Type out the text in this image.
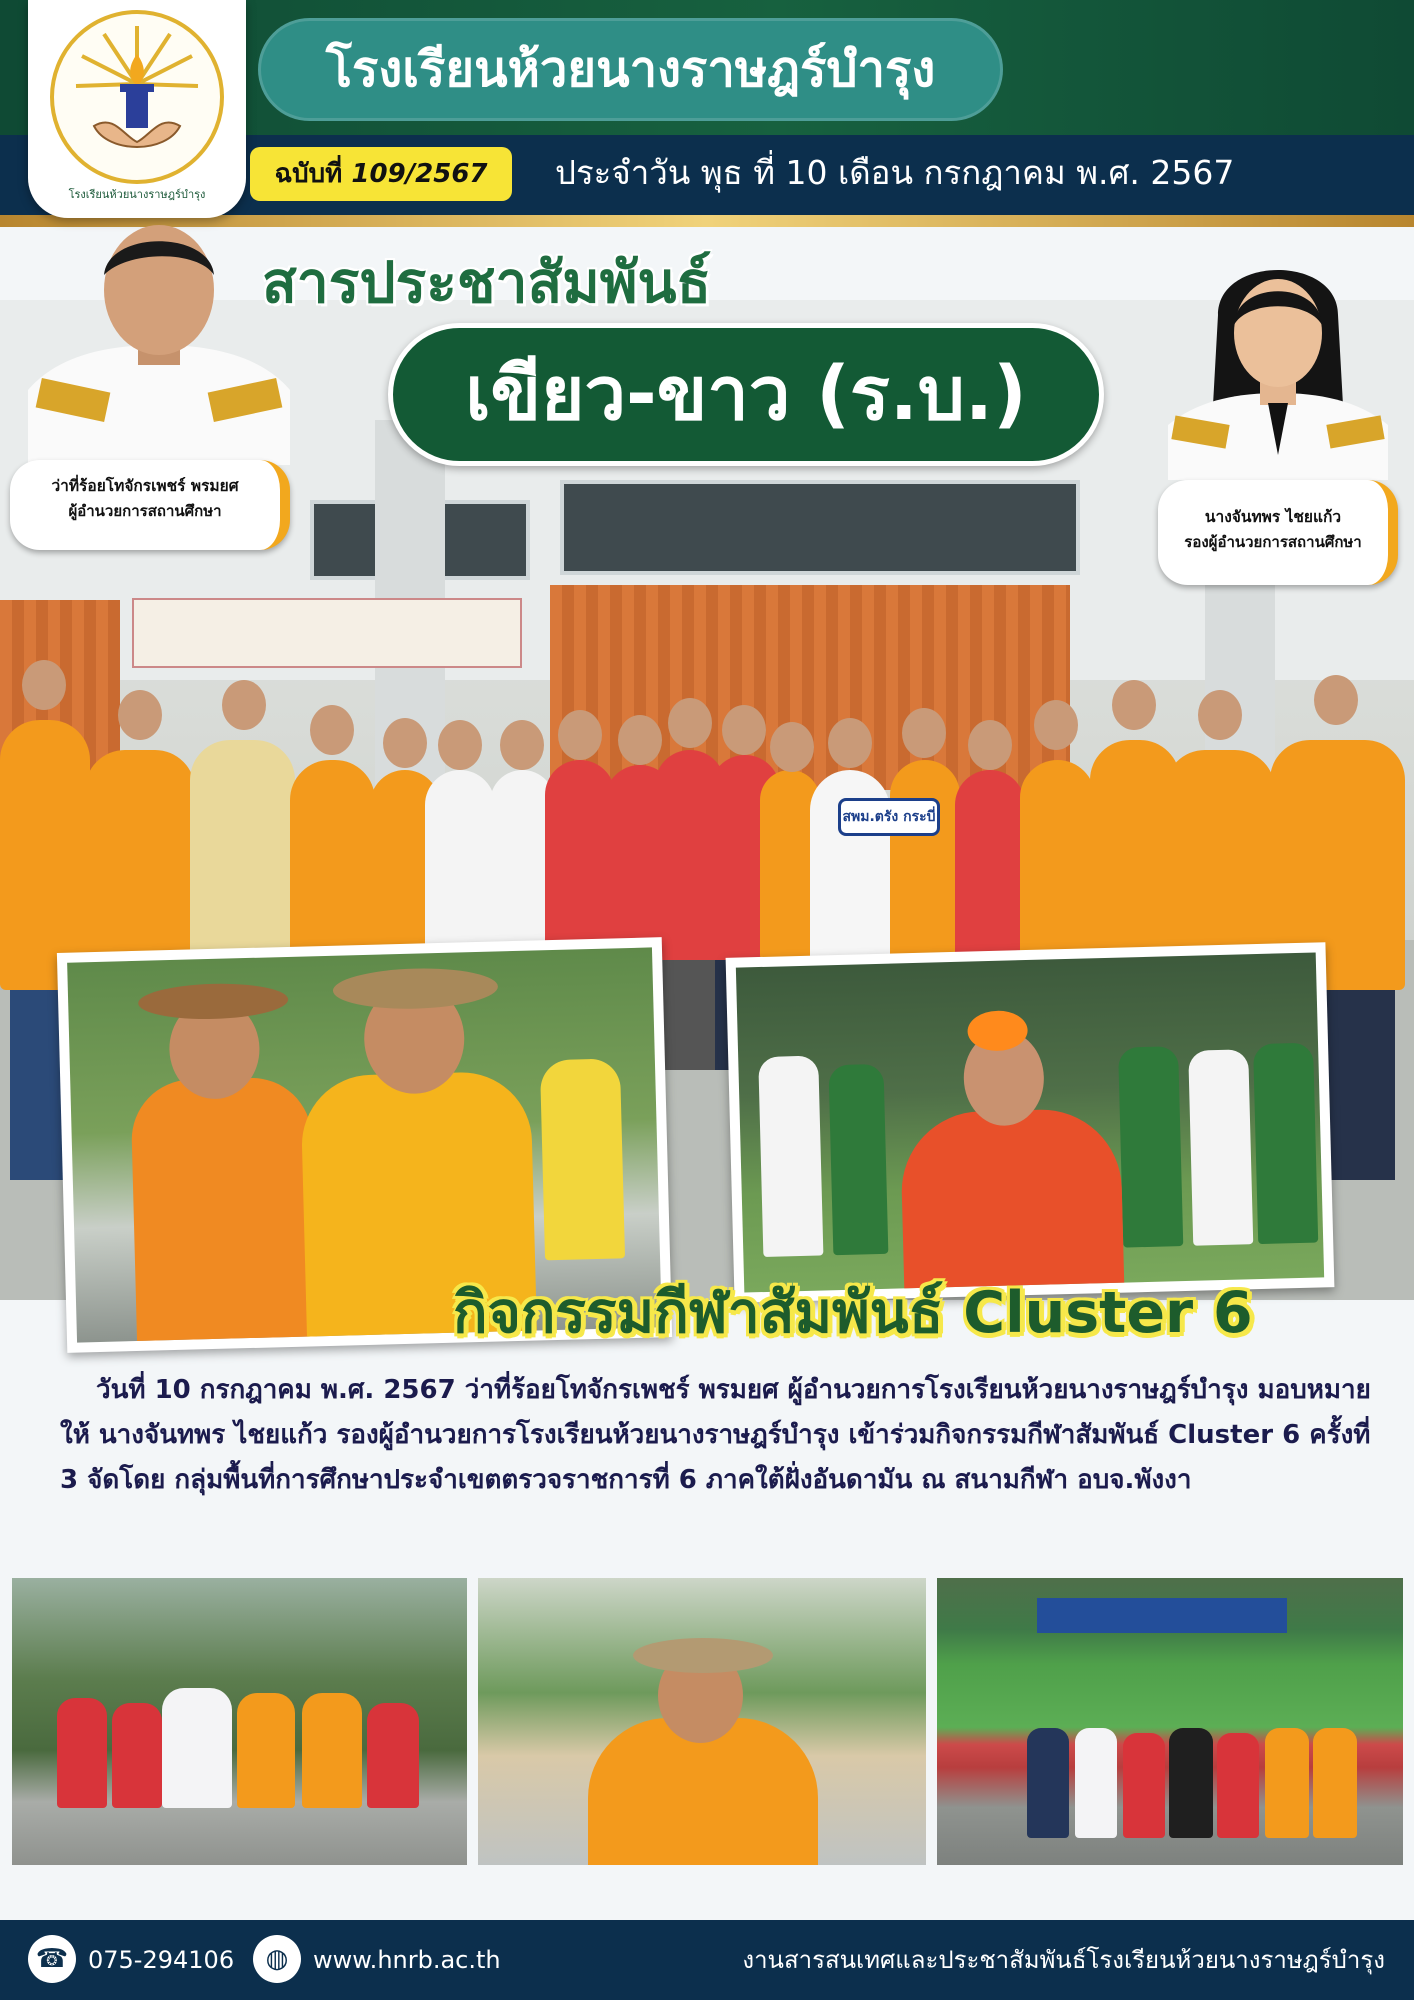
สพม.ตรัง กระบี่
โรงเรียนห้วยนางราษฎร์บำรุง
โรงเรียนห้วยนางราษฎร์บำรุง
ฉบับที่ 109/2567	ประจำวัน พุธ ที่ 10 เดือน กรกฎาคม พ.ศ. 2567
สารประชาสัมพันธ์
เขียว-ขาว (ร.บ.)
ว่าที่ร้อยโทจักรเพชร์ พรมยศ
ผู้อำนวยการสถานศึกษา	นางจันทพร ไชยแก้ว
รองผู้อำนวยการสถานศึกษา
กิจกรรมกีฬาสัมพันธ์ Cluster 6

วันที่ 10 กรกฎาคม พ.ศ. 2567 ว่าที่ร้อยโทจักรเพชร์ พรมยศ ผู้อำนวยการโรงเรียนห้วยนางราษฎร์บำรุง มอบหมายให้ นางจันทพร ไชยแก้ว รองผู้อำนวยการโรงเรียนห้วยนางราษฎร์บำรุง เข้าร่วมกิจกรรมกีฬาสัมพันธ์ Cluster 6 ครั้งที่ 3 จัดโดย กลุ่มพื้นที่การศึกษาประจำเขตตรวจราชการที่ 6 ภาคใต้ฝั่งอันดามัน ณ สนามกีฬา อบจ.พังงา

☎ 075-294106	◍	www.hnrb.ac.th	งานสารสนเทศและประชาสัมพันธ์โรงเรียนห้วยนางราษฎร์บำรุง
